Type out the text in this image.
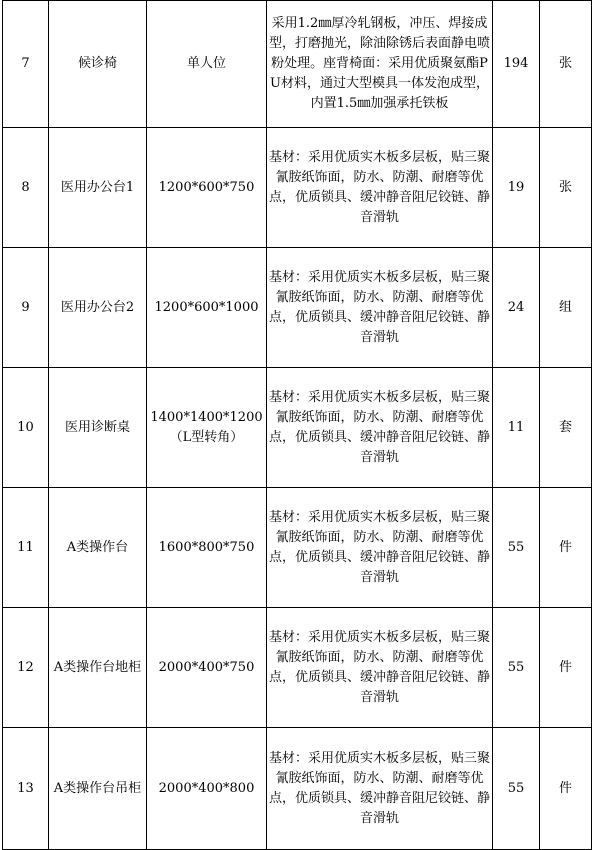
7	候诊椅	单人位	采用1.2㎜厚冷轧钢板，冲压、焊接成型，打磨抛光，除油除锈后表面静电喷粉处理。座背椅面：采用优质聚氨酯PU材料，通过大型模具一体发泡成型，内置1.5㎜加强承托铁板	194	张
8	医用办公台1	1200*600*750	基材：采用优质实木板多层板，贴三聚氰胺纸饰面，防水、防潮、耐磨等优点，优质锁具、缓冲静音阻尼铰链、静音滑轨	19	张
9	医用办公台2	1200*600*1000	基材：采用优质实木板多层板，贴三聚氰胺纸饰面，防水、防潮、耐磨等优点，优质锁具、缓冲静音阻尼铰链、静音滑轨	24	组
10	医用诊断桌	1400*1400*1200（L型转角）	基材：采用优质实木板多层板，贴三聚氰胺纸饰面，防水、防潮、耐磨等优点，优质锁具、缓冲静音阻尼铰链、静音滑轨	11	套
11	A类操作台	1600*800*750	基材：采用优质实木板多层板，贴三聚氰胺纸饰面，防水、防潮、耐磨等优点，优质锁具、缓冲静音阻尼铰链、静音滑轨	55	件
12	A类操作台地柜	2000*400*750	基材：采用优质实木板多层板，贴三聚氰胺纸饰面，防水、防潮、耐磨等优点，优质锁具、缓冲静音阻尼铰链、静音滑轨	55	件
13	A类操作台吊柜	2000*400*800	基材：采用优质实木板多层板，贴三聚氰胺纸饰面，防水、防潮、耐磨等优点，优质锁具、缓冲静音阻尼铰链、静音滑轨	55	件
